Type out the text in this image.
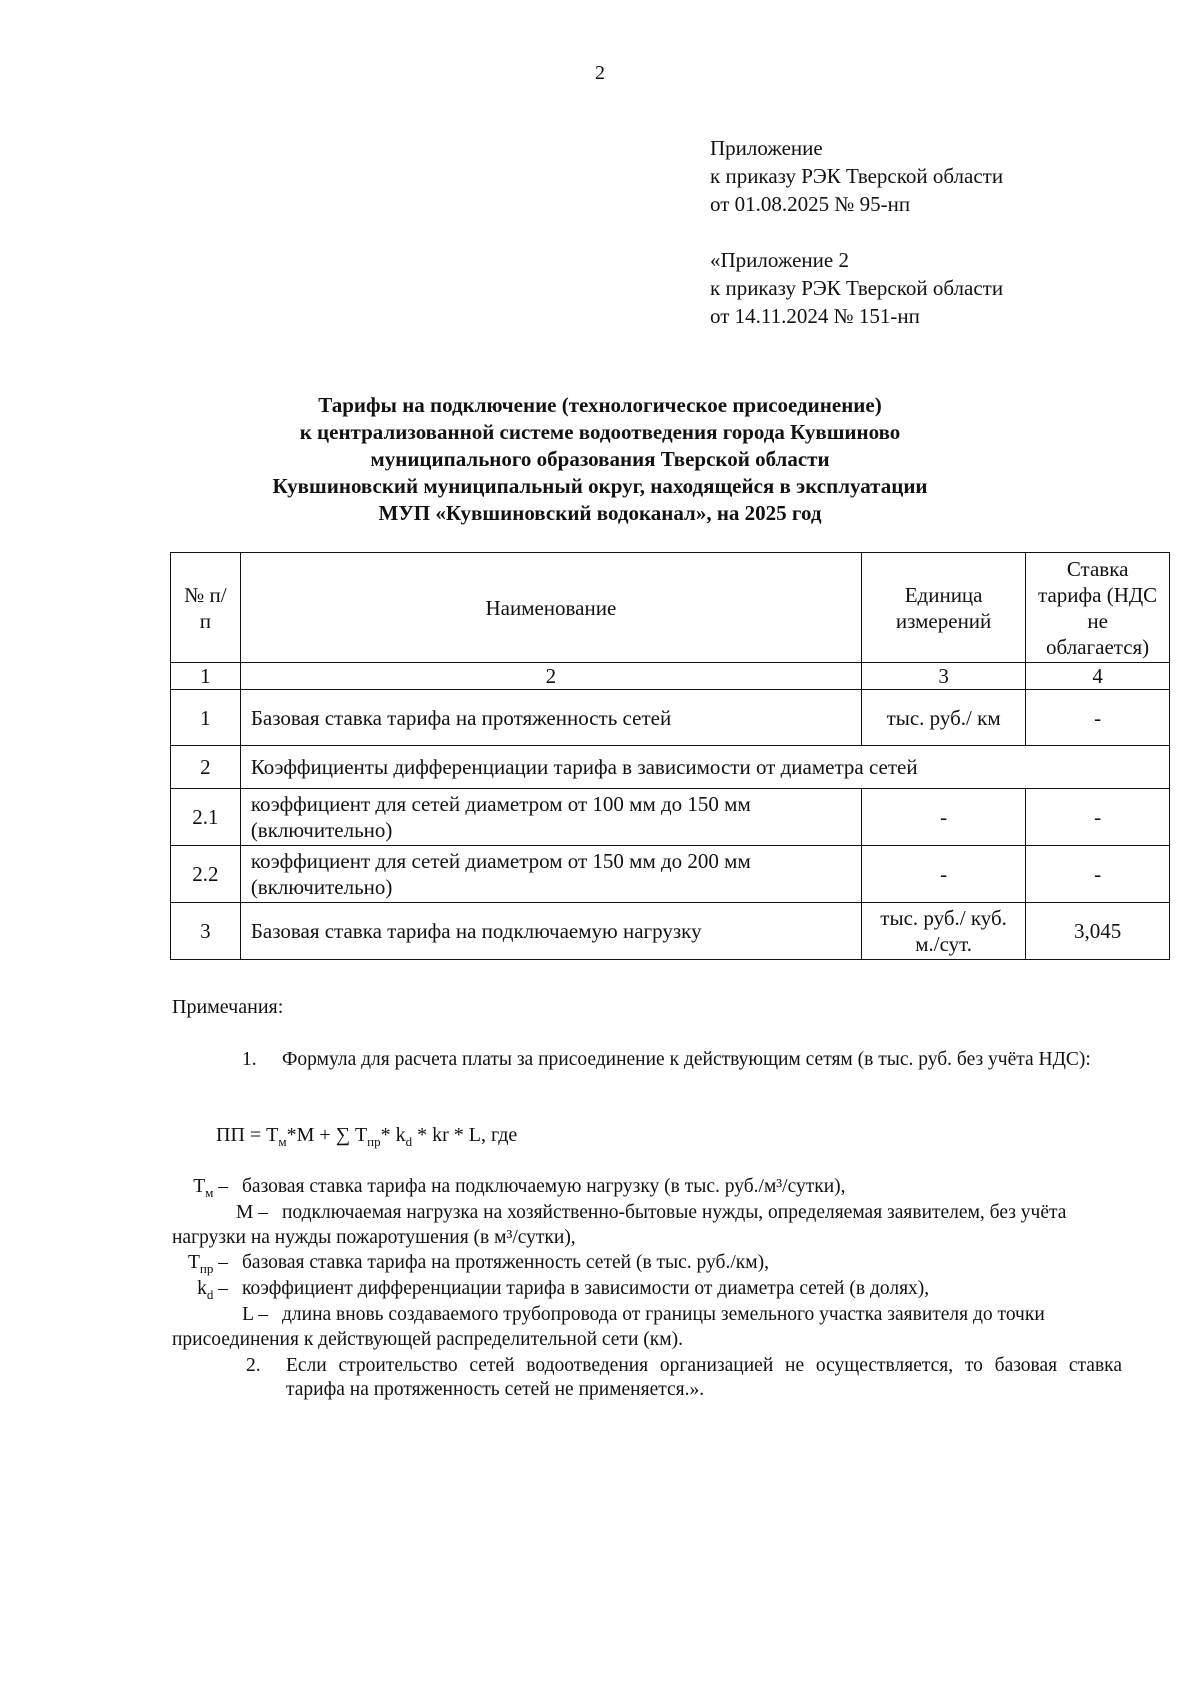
2
Приложение
к приказу РЭК Тверской области
от 01.08.2025 № 95-нп
«Приложение 2
к приказу РЭК Тверской области
от 14.11.2024 № 151-нп
Тарифы на подключение (технологическое присоединение)
к централизованной системе водоотведения города Кувшиново
муниципального образования Тверской области
Кувшиновский муниципальный округ, находящейся в эксплуатации
МУП «Кувшиновский водоканал», на 2025 год
№ п/п	Наименование	Единица измерений	Ставка тарифа (НДС не облагается)
1	2	3	4
1	Базовая ставка тарифа на протяженность сетей	тыс. руб./ км	-
2	Коэффициенты дифференциации тарифа в зависимости от диаметра сетей		
2.1	коэффициент для сетей диаметром от 100 мм до 150 мм (включительно)	-	-
2.2	коэффициент для сетей диаметром от 150 мм до 200 мм (включительно)	-	-
3	Базовая ставка тарифа на подключаемую нагрузку	тыс. руб./ куб. м./сут.	3,045
Примечания:
1. Формула для расчета платы за присоединение к действующим сетям (в тыс. руб. без учёта НДС):
ПП = $Т_м*М$ + ∑ $Т_{пр}*$ $k_d$ * kr * L, где
$Т_м$ – базовая ставка тарифа на подключаемую нагрузку (в тыс. руб./м³/сутки),
М – подключаемая нагрузка на хозяйственно-бытовые нужды, определяемая заявителем, без учёта нагрузки на нужды пожаротушения (в м³/сутки),
$Т_{пр}$ – базовая ставка тарифа на протяженность сетей (в тыс. руб./км),
$k_d$ – коэффициент дифференциации тарифа в зависимости от диаметра сетей (в долях),
L – длина вновь создаваемого трубопровода от границы земельного участка заявителя до точки присоединения к действующей распределительной сети (км).
2. Если строительство сетей водоотведения организацией не осуществляется, то базовая ставка тарифа на протяженность сетей не применяется.».
